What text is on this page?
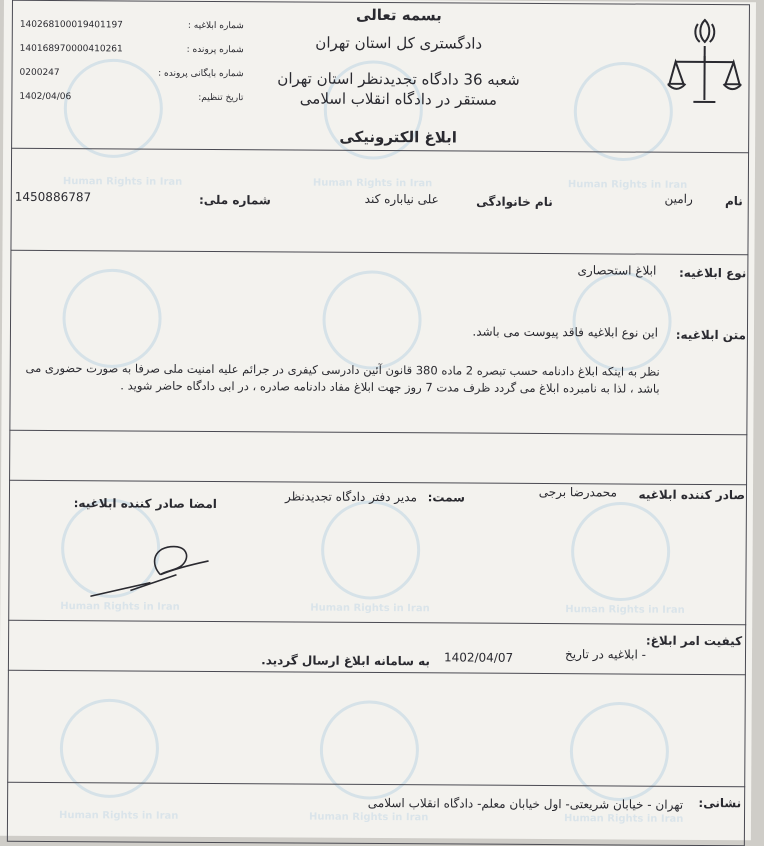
Human Rights in Iran	Human Rights in Iran	Human Rights in Iran
Human Rights in Iran	Human Rights in Iran	Human Rights in Iran
Human Rights in Iran	Human Rights in Iran	Human Rights in Iran
بسمه تعالی
دادگستری کل استان تهران
شعبه 36 دادگاه تجدیدنظر استان تهران
مستقر در دادگاه انقلاب اسلامی
ابلاغ الکترونیکی
شماره ابلاغیه :
140268100019401197
شماره پرونده :
140168970000410261
شماره بایگانی پرونده :
0200247
تاریخ تنظیم:
1402/04/06
نام
رامین
نام خانوادگی
علی نیاباره کند
شماره ملی:
1450886787
نوع ابلاغیه:
ابلاغ استحصاری
متن ابلاغیه:
این نوع ابلاغیه فاقد پیوست می باشد.
نظر به اینکه ابلاغ دادنامه حسب تبصره 2 ماده 380 قانون آئین دادرسی کیفری در جرائم علیه امنیت ملی صرفا به صورت حضوری می باشد ، لذا به نامبرده ابلاغ می گردد ظرف مدت 7 روز جهت ابلاغ مفاد دادنامه صادره ، در ابی دادگاه حاضر شوید .
صادر کننده ابلاغیه
محمدرضا برجی
سمت:
مدیر دفتر دادگاه تجدیدنظر
امضا صادر کننده ابلاغیه:
کیفیت امر ابلاغ:
- ابلاغیه در تاریخ
1402/04/07
به سامانه ابلاغ ارسال گردید.
نشانی:
تهران - خیابان شریعتی- اول خیابان معلم- دادگاه انقلاب اسلامی
